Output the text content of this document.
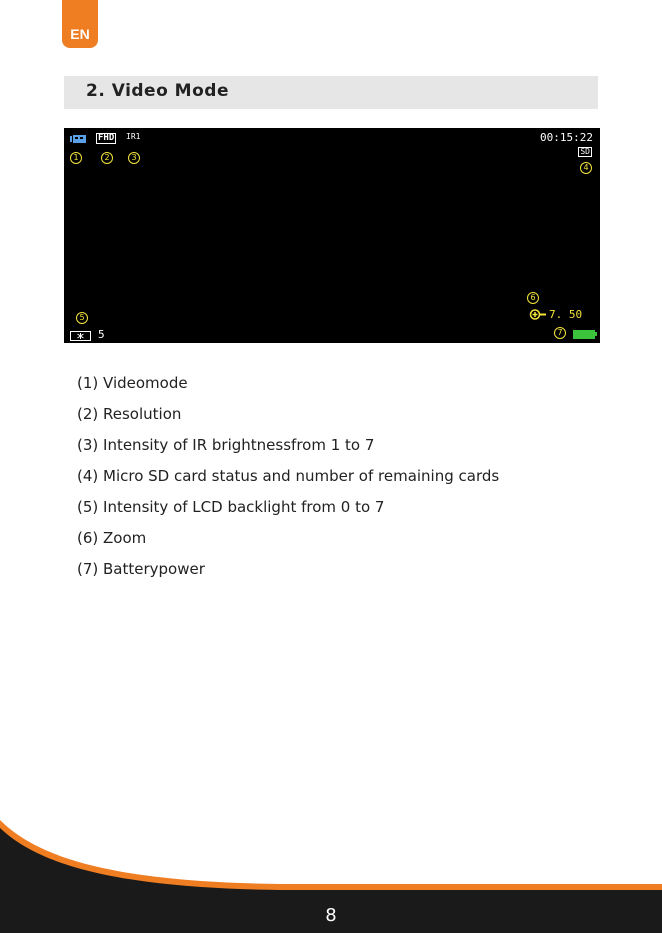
EN
2. Video Mode
FHD IR1	00:15:22
SD
1	2	3
4
5
6
7
7. 50
5
(1) Videomode
(2) Resolution
(3) Intensity of IR brightnessfrom 1 to 7
(4) Micro SD card status and number of remaining cards
(5) Intensity of LCD backlight from 0 to 7
(6) Zoom
(7) Batterypower
8
